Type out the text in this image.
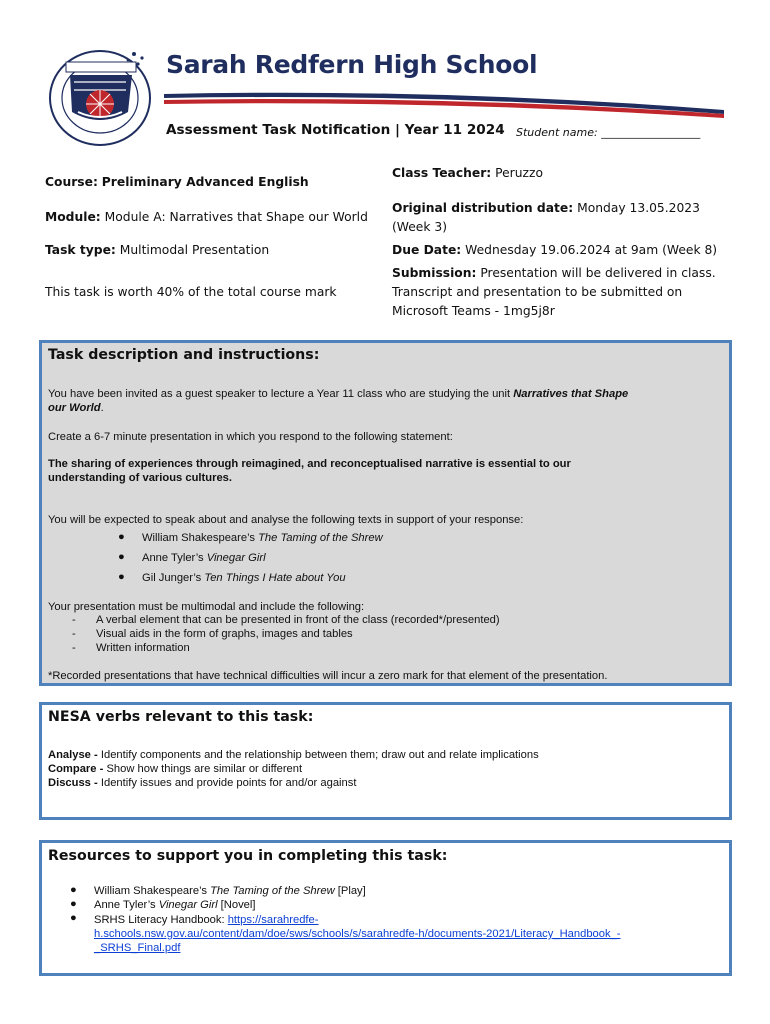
Sarah Redfern High School
Assessment Task Notification | Year 11 2024 Student name: __________________
Course: Preliminary Advanced English
Module: Module A: Narratives that Shape our World
Task type: Multimodal Presentation
This task is worth 40% of the total course mark
Class Teacher: Peruzzo
Original distribution date: Monday 13.05.2023
(Week 3)
Due Date: Wednesday 19.06.2024 at 9am (Week 8)
Submission: Presentation will be delivered in class.
Transcript and presentation to be submitted on
Microsoft Teams - 1mg5j8r
Task description and instructions:

You have been invited as a guest speaker to lecture a Year 11 class who are studying the unit Narratives that Shape
our World.

Create a 6-7 minute presentation in which you respond to the following statement:

The sharing of experiences through reimagined, and reconceptualised narrative is essential to our
understanding of various cultures.

You will be expected to speak about and analyse the following texts in support of your response:

● William Shakespeare’s The Taming of the Shrew
● Anne Tyler’s Vinegar Girl
● Gil Junger’s Ten Things I Hate about You

Your presentation must be multimodal and include the following:

- A verbal element that can be presented in front of the class (recorded*/presented)
- Visual aids in the form of graphs, images and tables
- Written information

*Recorded presentations that have technical difficulties will incur a zero mark for that element of the presentation.

NESA verbs relevant to this task:

Analyse - Identify components and the relationship between them; draw out and relate implications

Compare - Show how things are similar or different

Discuss - Identify issues and provide points for and/or against

Resources to support you in completing this task:
● William Shakespeare’s The Taming of the Shrew [Play]
● Anne Tyler’s Vinegar Girl [Novel]
● SRHS Literacy Handbook: https://sarahredfe-
h.schools.nsw.gov.au/content/dam/doe/sws/schools/s/sarahredfe-h/documents-2021/Literacy_Handbook_-
_SRHS_Final.pdf
